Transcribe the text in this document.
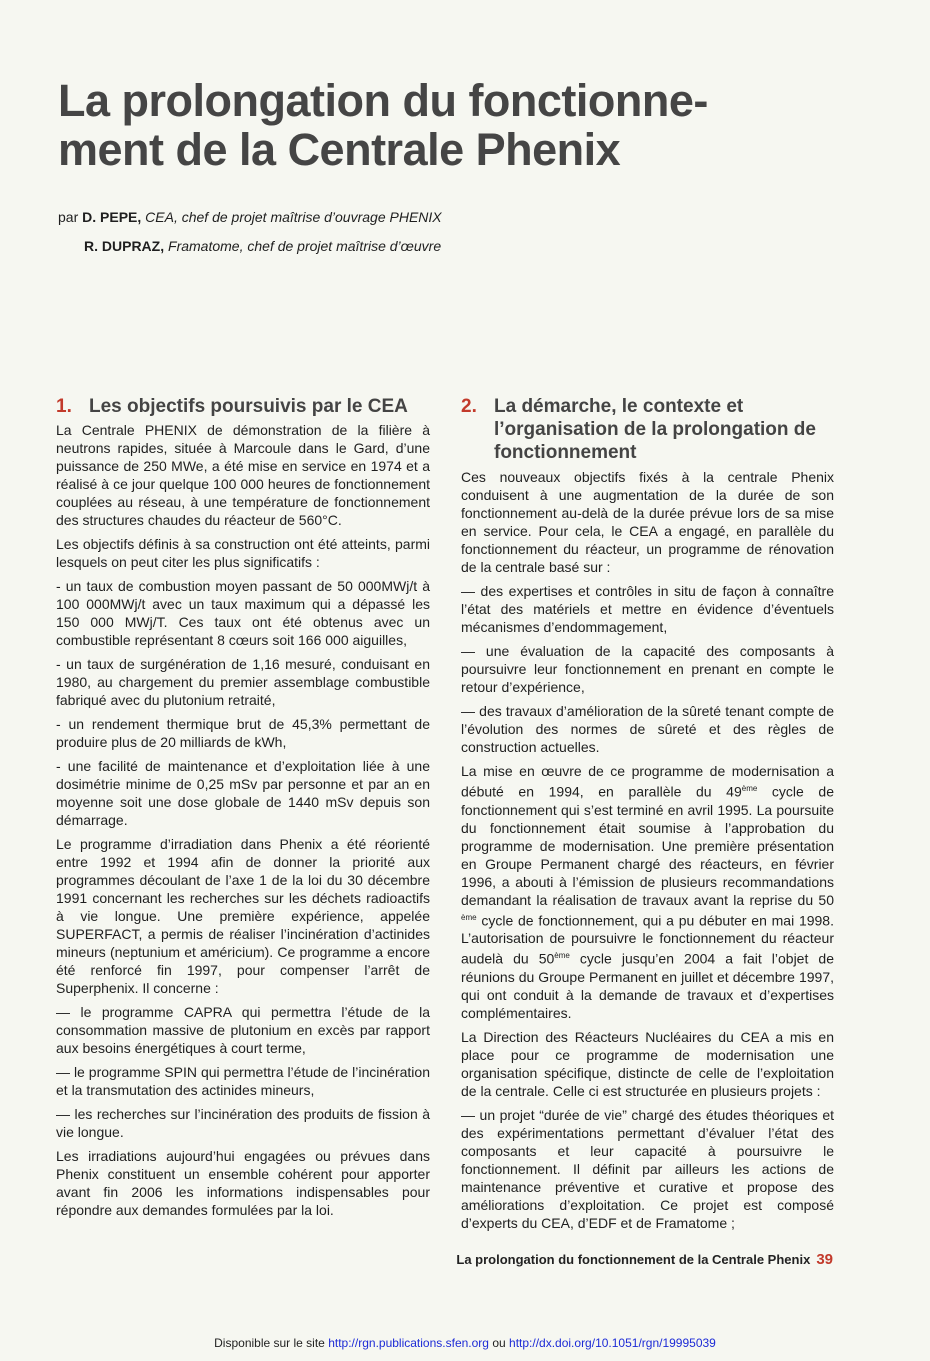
La prolongation du fonctionne-ment de la Centrale Phenix
par D. PEPE, CEA, chef de projet maîtrise d’ouvrage PHENIX
R. DUPRAZ, Framatome, chef de projet maîtrise d’œuvre
1. Les objectifs poursuivis par le CEA

La Centrale PHENIX de démonstration de la filière à neutrons rapides, située à Marcoule dans le Gard, d’une puissance de 250 MWe, a été mise en service en 1974 et a réalisé à ce jour quelque 100 000 heures de fonctionnement couplées au réseau, à une température de fonctionnement des structures chaudes du réacteur de 560°C.

Les objectifs définis à sa construction ont été atteints, parmi lesquels on peut citer les plus significatifs :

- un taux de combustion moyen passant de 50 000MWj/t à 100 000MWj/t avec un taux maximum qui a dépassé les 150 000 MWj/T. Ces taux ont été obtenus avec un combustible représentant 8 cœurs soit 166 000 aiguilles,

- un taux de surgénération de 1,16 mesuré, conduisant en 1980, au chargement du premier assemblage combustible fabriqué avec du plutonium retraité,

- un rendement thermique brut de 45,3% permettant de produire plus de 20 milliards de kWh,

- une facilité de maintenance et d’exploitation liée à une dosimétrie minime de 0,25 mSv par personne et par an en moyenne soit une dose globale de 1440 mSv depuis son démarrage.

Le programme d’irradiation dans Phenix a été réorienté entre 1992 et 1994 afin de donner la priorité aux programmes découlant de l’axe 1 de la loi du 30 décembre 1991 concernant les recherches sur les déchets radioactifs à vie longue. Une première expérience, appelée SUPERFACT, a permis de réaliser l’incinération d’actinides mineurs (neptunium et américium). Ce programme a encore été renforcé fin 1997, pour compenser l’arrêt de Superphenix. Il concerne :

— le programme CAPRA qui permettra l’étude de la consommation massive de plutonium en excès par rapport aux besoins énergétiques à court terme,

— le programme SPIN qui permettra l’étude de l’incinération et la transmutation des actinides mineurs,

— les recherches sur l’incinération des produits de fission à vie longue.

Les irradiations aujourd’hui engagées ou prévues dans Phenix constituent un ensemble cohérent pour apporter avant fin 2006 les informations indispensables pour répondre aux demandes formulées par la loi.

2. La démarche, le contexte et l’organisation de la prolongation de fonctionnement

Ces nouveaux objectifs fixés à la centrale Phenix conduisent à une augmentation de la durée de son fonctionnement au-delà de la durée prévue lors de sa mise en service. Pour cela, le CEA a engagé, en parallèle du fonctionnement du réacteur, un programme de rénovation de la centrale basé sur :

— des expertises et contrôles in situ de façon à connaître l’état des matériels et mettre en évidence d’éventuels mécanismes d’endommagement,

— une évaluation de la capacité des composants à poursuivre leur fonctionnement en prenant en compte le retour d’expérience,

— des travaux d’amélioration de la sûreté tenant compte de l’évolution des normes de sûreté et des règles de construction actuelles.

La mise en œuvre de ce programme de modernisation a débuté en 1994, en parallèle du 49ème cycle de fonctionnement qui s’est terminé en avril 1995. La poursuite du fonctionnement était soumise à l’approbation du programme de modernisation. Une première présentation en Groupe Permanent chargé des réacteurs, en février 1996, a abouti à l’émission de plusieurs recommandations demandant la réalisation de travaux avant la reprise du 50 $^{ème}$ cycle de fonctionnement, qui a pu débuter en mai 1998. L’autorisation de poursuivre le fonctionnement du réacteur audelà du 50ème cycle jusqu’en 2004 a fait l’objet de réunions du Groupe Permanent en juillet et décembre 1997, qui ont conduit à la demande de travaux et d’expertises complémentaires.

La Direction des Réacteurs Nucléaires du CEA a mis en place pour ce programme de modernisation une organisation spécifique, distincte de celle de l’exploitation de la centrale. Celle ci est structurée en plusieurs projets :

— un projet “durée de vie” chargé des études théoriques et des expérimentations permettant d’évaluer l’état des composants et leur capacité à poursuivre le fonctionnement. Il définit par ailleurs les actions de maintenance préventive et curative et propose des améliorations d’exploitation. Ce projet est composé d’experts du CEA, d’EDF et de Framatome ;

La prolongation du fonctionnement de la Centrale Phenix 39
Disponible sur le site http://rgn.publications.sfen.org ou http://dx.doi.org/10.1051/rgn/19995039
